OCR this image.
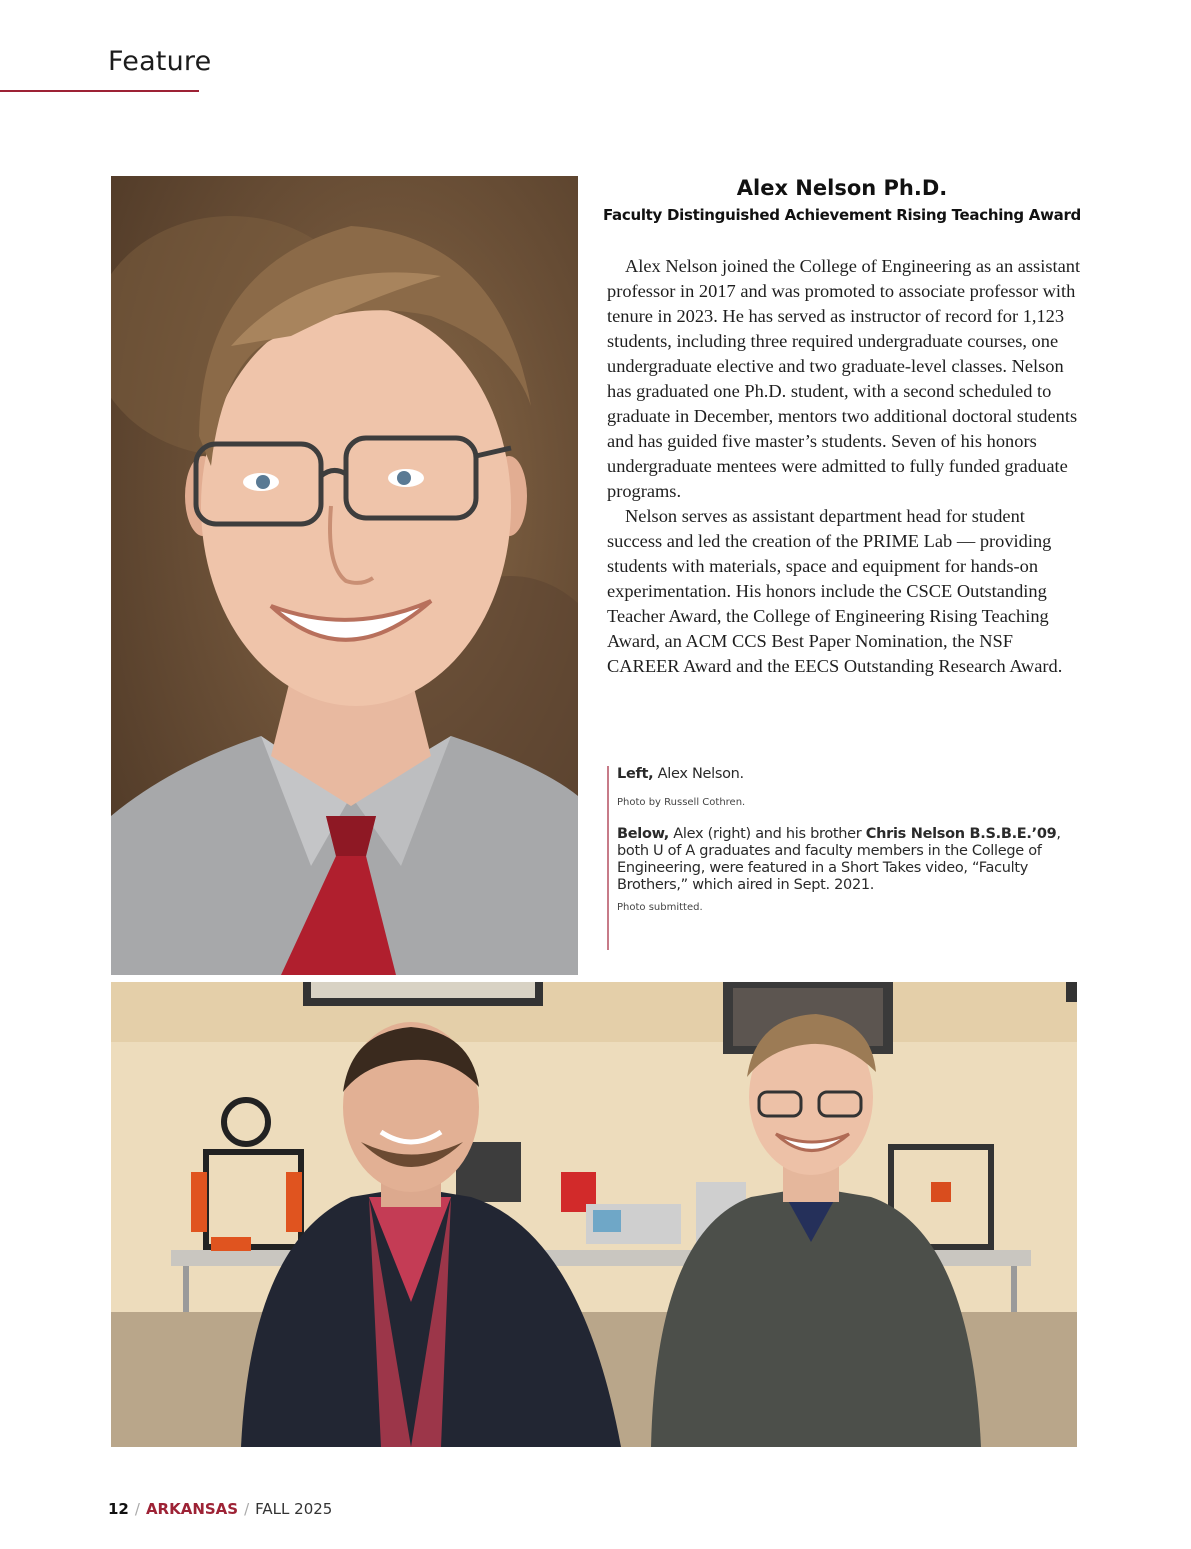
Feature
Alex Nelson Ph.D.
Faculty Distinguished Achievement Rising Teaching Award

Alex Nelson joined the College of Engineering as an assistant professor in 2017 and was promoted to associate professor with tenure in 2023. He has served as instructor of record for 1,123 students, including three required undergraduate courses, one undergraduate elective and two graduate-level classes. Nelson has graduated one Ph.D. student, with a second scheduled to graduate in December, mentors two additional doctoral students and has guided five master’s students. Seven of his honors undergraduate mentees were admitted to fully funded graduate programs.

Nelson serves as assistant department head for student success and led the creation of the PRIME Lab — providing students with materials, space and equipment for hands-on experimentation. His honors include the CSCE Outstanding Teacher Award, the College of Engineering Rising Teaching Award, an ACM CCS Best Paper Nomination, the NSF CAREER Award and the EECS Outstanding Research Award.

Left, Alex Nelson.
Photo by Russell Cothren.
Below, Alex (right) and his brother Chris Nelson B.S.B.E.’09, both U of A graduates and faculty members in the College of Engineering, were featured in a Short Takes video, “Faculty Brothers,” which aired in Sept. 2021.
Photo submitted.
12 / ARKANSAS / FALL 2025
